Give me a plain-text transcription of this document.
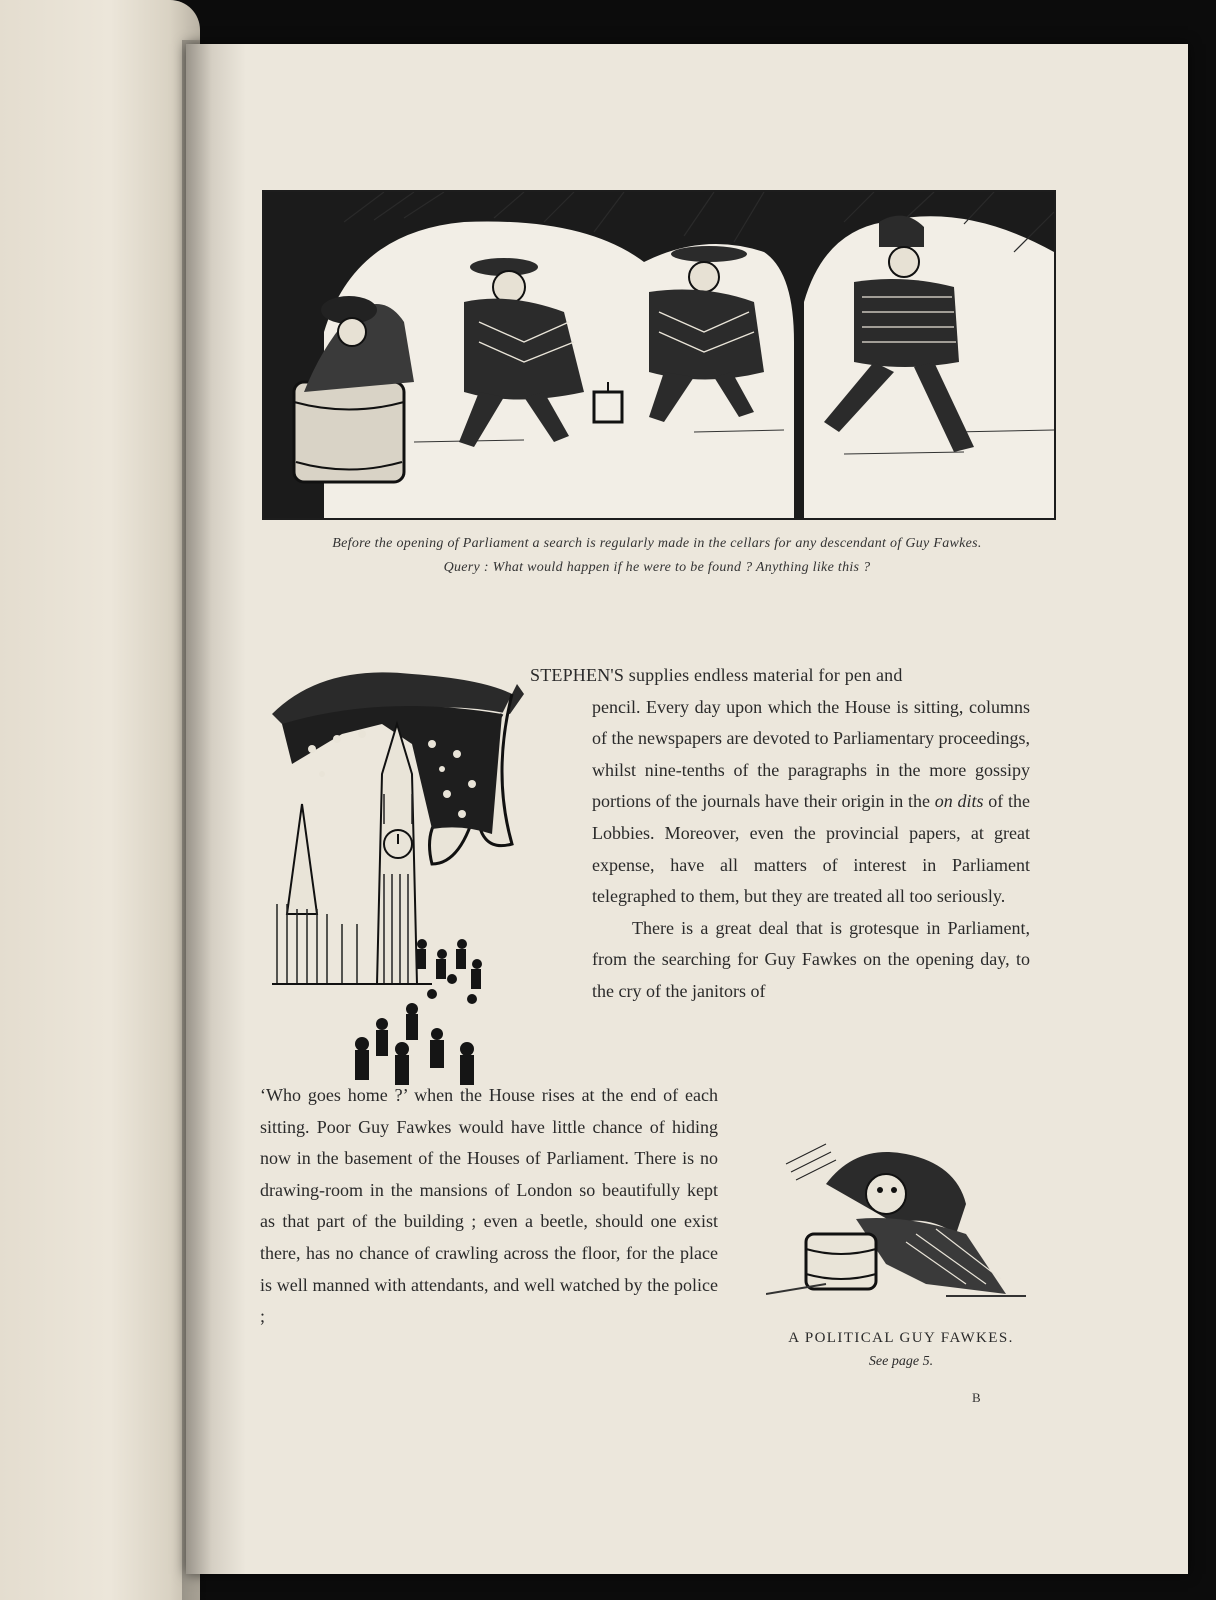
Before the opening of Parliament a search is regularly made in the cellars for any descendant of Guy Fawkes.
Query : What would happen if he were to be found ? Anything like this ?
STEPHEN'S supplies endless material for pen and
pencil. Every day upon which the House is sitting, columns of the newspapers are devoted to Parliamentary proceedings, whilst nine-tenths of the paragraphs in the more gossipy portions of the journals have their origin in the on dits of the Lobbies. Moreover, even the provincial papers, at great expense, have all matters of interest in Parliament telegraphed to them, but they are treated all too seriously.
There is a great deal that is grotesque in Parliament, from the searching for Guy Fawkes on the opening day, to the cry of the janitors of
‘Who goes home ?’ when the House rises at the end of each sitting. Poor Guy Fawkes would have little chance of hiding now in the basement of the Houses of Parliament. There is no drawing-room in the mansions of London so beautifully kept as that part of the building ; even a beetle, should one exist there, has no chance of crawling across the floor, for the place is well manned with attendants, and well watched by the police ;
A POLITICAL GUY FAWKES.
See page 5.
B
